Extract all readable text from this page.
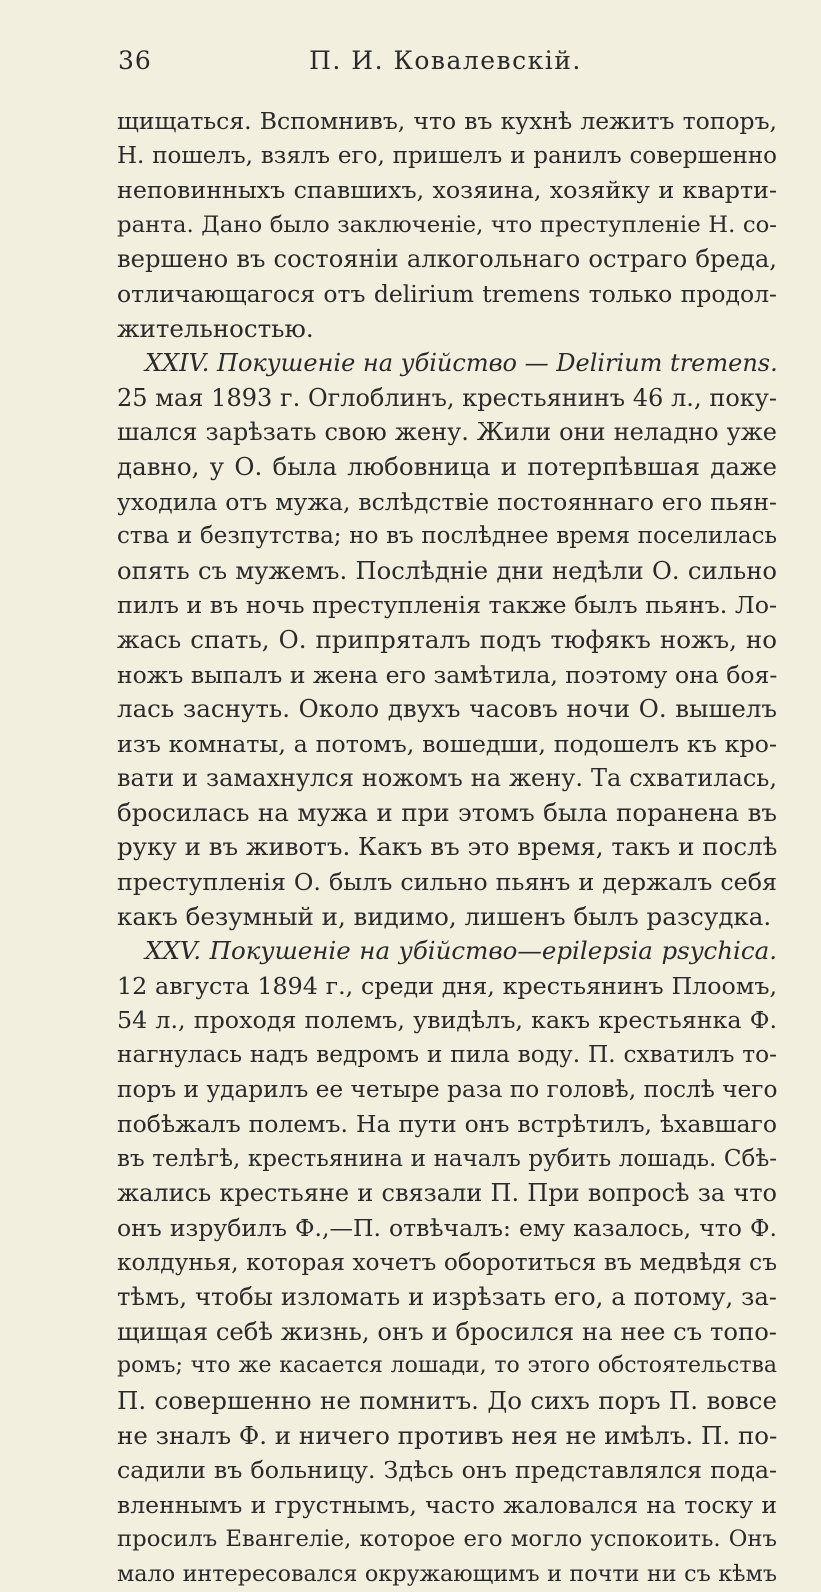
36	П. И. Ковалевскій.
щищаться. Вспомнивъ, что въ кухнѣ лежитъ топоръ,
Н. пошелъ, взялъ его, пришелъ и ранилъ совершенно
неповинныхъ спавшихъ, хозяина, хозяйку и кварти-
ранта. Дано было заключеніе, что преступленіе Н. со-
вершено въ состояніи алкогольнаго остраго бреда,
отличающагося отъ delirium tremens только продол-
жительностью.
XXIV. Покушеніе на убійство — Delirium tremens.
25 мая 1893 г. Оглоблинъ, крестьянинъ 46 л., поку-
шался зарѣзать свою жену. Жили они неладно уже
давно, у О. была любовница и потерпѣвшая даже
уходила отъ мужа, вслѣдствіе постояннаго его пьян-
ства и безпутства; но въ послѣднее время поселилась
опять съ мужемъ. Послѣдніе дни недѣли О. сильно
пилъ и въ ночь преступленія также былъ пьянъ. Ло-
жась спать, О. припряталъ подъ тюфякъ ножъ, но
ножъ выпалъ и жена его замѣтила, поэтому она боя-
лась заснуть. Около двухъ часовъ ночи О. вышелъ
изъ комнаты, а потомъ, вошедши, подошелъ къ кро-
вати и замахнулся ножомъ на жену. Та схватилась,
бросилась на мужа и при этомъ была поранена въ
руку и въ животъ. Какъ въ это время, такъ и послѣ
преступленія О. былъ сильно пьянъ и держалъ себя
какъ безумный и, видимо, лишенъ былъ разсудка.
XXV. Покушеніе на убійство—epilepsia psychica.
12 августа 1894 г., среди дня, крестьянинъ Плоомъ,
54 л., проходя полемъ, увидѣлъ, какъ крестьянка Ф.
нагнулась надъ ведромъ и пила воду. П. схватилъ то-
поръ и ударилъ ее четыре раза по головѣ, послѣ чего
побѣжалъ полемъ. На пути онъ встрѣтилъ, ѣхавшаго
въ телѣгѣ, крестьянина и началъ рубить лошадь. Сбѣ-
жались крестьяне и связали П. При вопросѣ за что
онъ изрубилъ Ф.,—П. отвѣчалъ: ему казалось, что Ф.
колдунья, которая хочетъ оборотиться въ медвѣдя съ
тѣмъ, чтобы изломать и изрѣзать его, а потому, за-
щищая себѣ жизнь, онъ и бросился на нее съ топо-
ромъ; что же касается лошади, то этого обстоятельства
П. совершенно не помнитъ. До сихъ поръ П. вовсе
не зналъ Ф. и ничего противъ нея не имѣлъ. П. по-
садили въ больницу. Здѣсь онъ представлялся пода-
вленнымъ и грустнымъ, часто жаловался на тоску и
просилъ Евангеліе, которое его могло успокоить. Онъ
мало интересовался окружающимъ и почти ни съ кѣмъ
